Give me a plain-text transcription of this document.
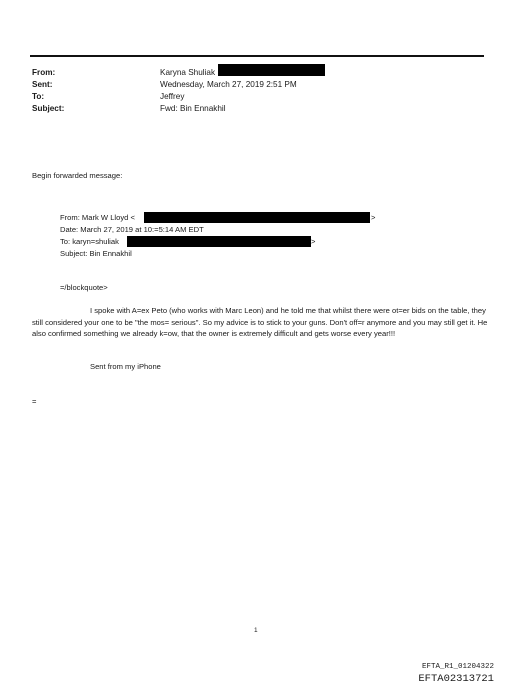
From:	Karyna Shuliak
Sent:	Wednesday, March 27, 2019 2:51 PM
To:	Jeffrey
Subject:	Fwd: Bin Ennakhil
Begin forwarded message:
From: Mark W Lloyd <	>
Date: March 27, 2019 at 10:=5:14 AM EDT
To: karyn=shuliak	>
Subject: Bin Ennakhil
=/blockquote>
I spoke with A=ex Peto (who works with Marc Leon) and he told me that whilst there were ot=er bids on the table, they still considered your one to be "the mos= serious". So my advice is to stick to your guns. Don't off=r anymore and you may still get it. He also confirmed something we already k=ow, that the owner is extremely difficult and gets worse every year!!!
Sent from my iPhone
=
1
EFTA_R1_01204322
EFTA02313721
